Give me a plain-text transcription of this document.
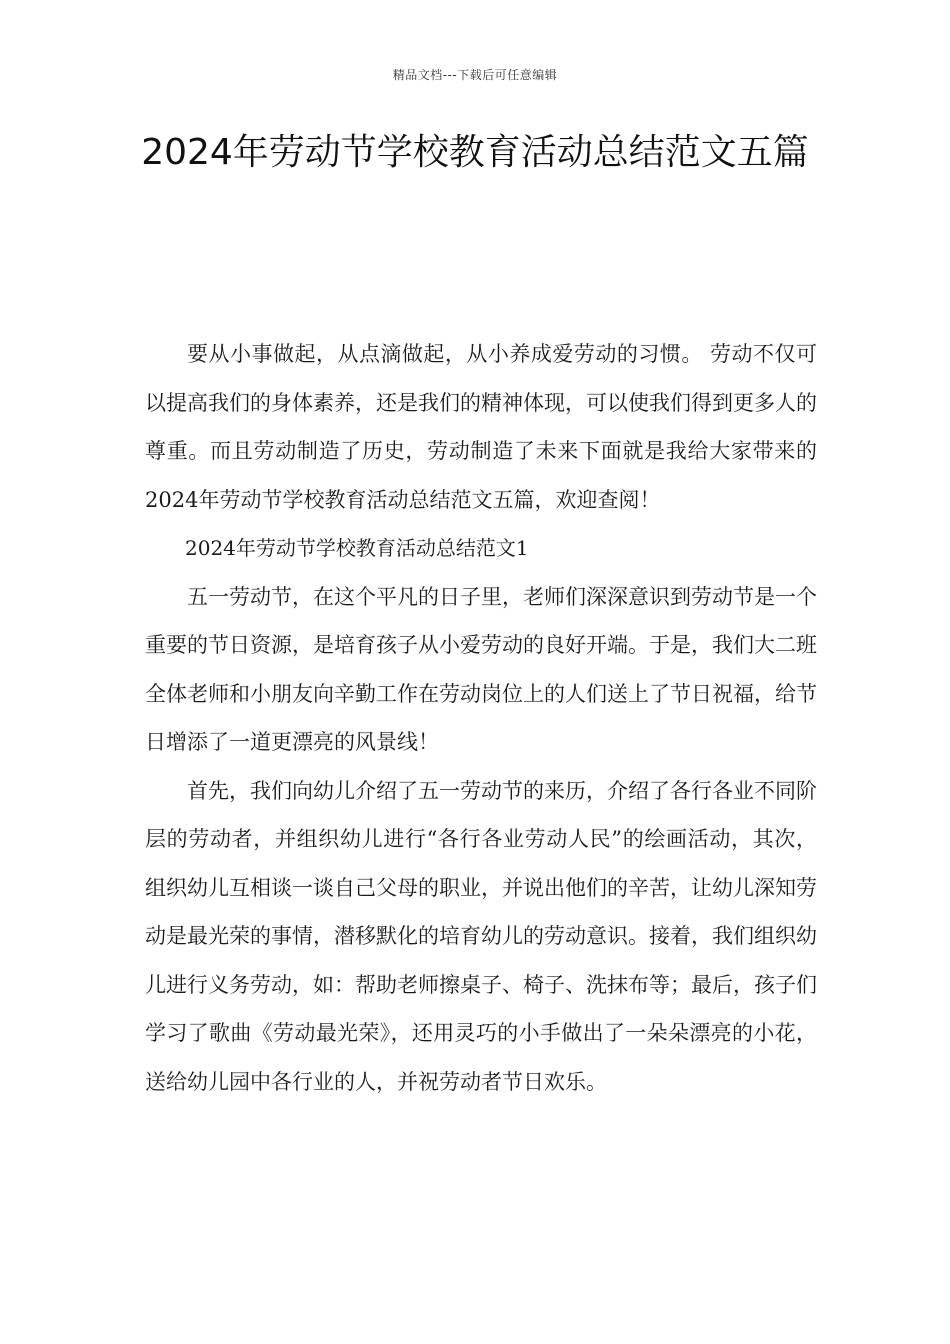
精品文档---下载后可任意编辑
2024年劳动节学校教育活动总结范文五篇

要从小事做起，从点滴做起，从小养成爱劳动的习惯。 劳动不仅可以提高我们的身体素养，还是我们的精神体现，可以使我们得到更多人的尊重。而且劳动制造了历史，劳动制造了未来下面就是我给大家带来的2024年劳动节学校教育活动总结范文五篇，欢迎查阅！

2024年劳动节学校教育活动总结范文1

五一劳动节，在这个平凡的日子里，老师们深深意识到劳动节是一个重要的节日资源，是培育孩子从小爱劳动的良好开端。于是，我们大二班全体老师和小朋友向辛勤工作在劳动岗位上的人们送上了节日祝福，给节日增添了一道更漂亮的风景线！

首先，我们向幼儿介绍了五一劳动节的来历，介绍了各行各业不同阶层的劳动者，并组织幼儿进行“各行各业劳动人民”的绘画活动，其次，组织幼儿互相谈一谈自己父母的职业，并说出他们的辛苦，让幼儿深知劳动是最光荣的事情，潜移默化的培育幼儿的劳动意识。接着，我们组织幼儿进行义务劳动，如：帮助老师擦桌子、椅子、洗抹布等；最后，孩子们学习了歌曲《劳动最光荣》，还用灵巧的小手做出了一朵朵漂亮的小花，送给幼儿园中各行业的人，并祝劳动者节日欢乐。
